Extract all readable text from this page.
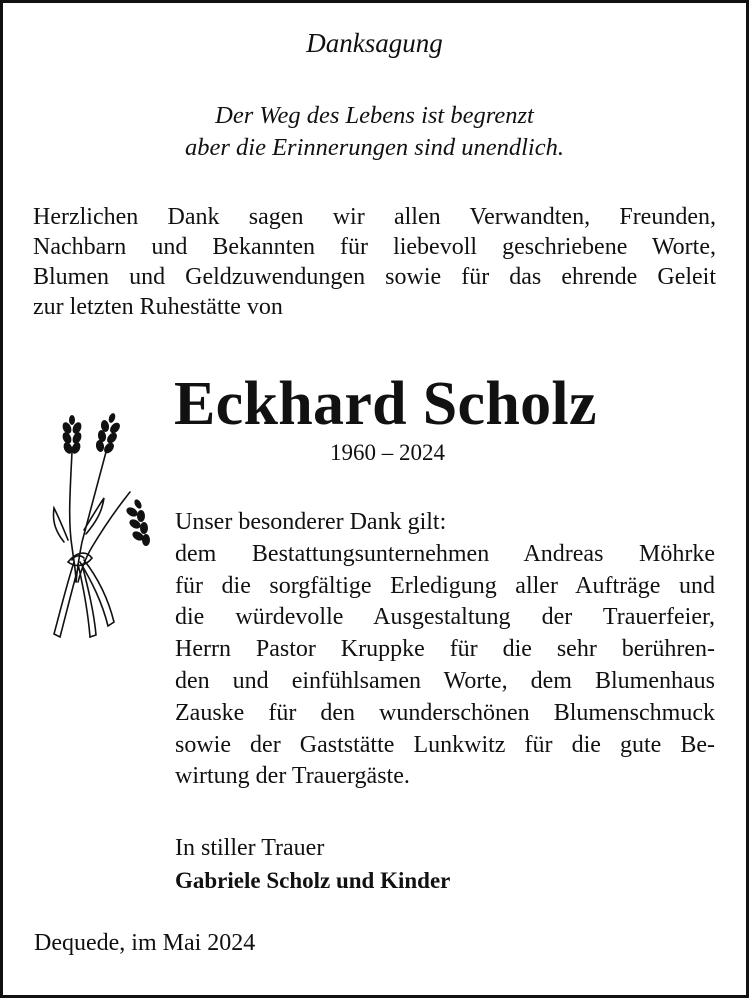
Danksagung
Der Weg des Lebens ist begrenzt
aber die Erinnerungen sind unendlich.
Herzlichen Dank sagen wir allen Verwandten, Freunden,
Nachbarn und Bekannten für liebevoll geschriebene Worte,
Blumen und Geldzuwendungen sowie für das ehrende Geleit
zur letzten Ruhestätte von
Eckhard Scholz
1960 – 2024
Unser besonderer Dank gilt:
dem Bestattungsunternehmen Andreas Möhrke
für die sorgfältige Erledigung aller Aufträge und
die würdevolle Ausgestaltung der Trauerfeier,
Herrn Pastor Kruppke für die sehr berühren-
den und einfühlsamen Worte, dem Blumenhaus
Zauske für den wunderschönen Blumenschmuck
sowie der Gaststätte Lunkwitz für die gute Be-
wirtung der Trauergäste.
In stiller Trauer
Gabriele Scholz und Kinder
Dequede, im Mai 2024
